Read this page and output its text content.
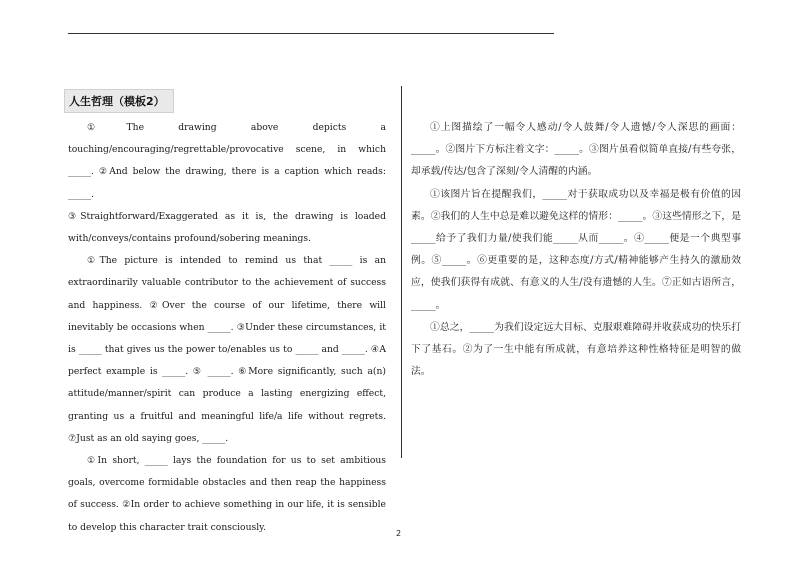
人生哲理（模板2）

①The drawing above depicts a touching/encouraging/regrettable/provocative scene, in which _____. ②And below the drawing, there is a caption which reads: _____.

③Straightforward/Exaggerated as it is, the drawing is loaded with/conveys/contains profound/sobering meanings.

①The picture is intended to remind us that _____ is an extraordinarily valuable contributor to the achievement of success and happiness. ②Over the course of our lifetime, there will inevitably be occasions when _____. ③Under these circumstances, it is _____ that gives us the power to/enables us to _____ and _____. ④A perfect example is _____. ⑤ _____. ⑥More significantly, such a(n) attitude/manner/spirit can produce a lasting energizing effect, granting us a fruitful and meaningful life/a life without regrets. ⑦Just as an old saying goes, _____.

①In short, _____ lays the foundation for us to set ambitious goals, overcome formidable obstacles and then reap the happiness of success. ②In order to achieve something in our life, it is sensible to develop this character trait consciously.

①上图描绘了一幅令人感动/令人鼓舞/令人遗憾/令人深思的画面：_____。②图片下方标注着文字：_____。③图片虽看似简单直接/有些夸张，却承载/传达/包含了深刻/令人清醒的内涵。

①该图片旨在提醒我们，_____对于获取成功以及幸福是极有价值的因素。②我们的人生中总是难以避免这样的情形：_____。③这些情形之下，是_____给予了我们力量/使我们能_____从而_____。④_____便是一个典型事例。⑤_____。⑥更重要的是，这种态度/方式/精神能够产生持久的激励效应，使我们获得有成就、有意义的人生/没有遗憾的人生。⑦正如古语所言，_____。

①总之，_____为我们设定远大目标、克服艰难障碍并收获成功的快乐打下了基石。②为了一生中能有所成就，有意培养这种性格特征是明智的做法。

2
